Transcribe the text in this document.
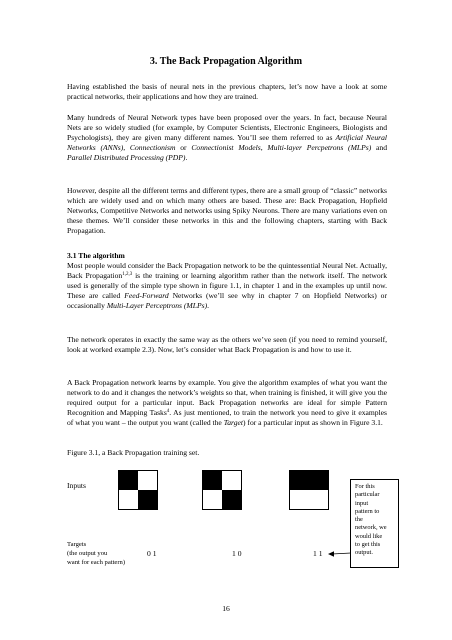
3. The Back Propagation Algorithm

Having established the basis of neural nets in the previous chapters, let’s now have a look at some practical networks, their applications and how they are trained.

Many hundreds of Neural Network types have been proposed over the years. In fact, because Neural Nets are so widely studied (for example, by Computer Scientists, Electronic Engineers, Biologists and Psychologists), they are given many different names. You’ll see them referred to as Artificial Neural Networks (ANNs), Connectionism or Connectionist Models, Multi-layer Percpetrons (MLPs) and Parallel Distributed Processing (PDP).

However, despite all the different terms and different types, there are a small group of “classic” networks which are widely used and on which many others are based. These are: Back Propagation, Hopfield Networks, Competitive Networks and networks using Spiky Neurons. There are many variations even on these themes. We’ll consider these networks in this and the following chapters, starting with Back Propagation.

3.1 The algorithm

Most people would consider the Back Propagation network to be the quintessential Neural Net. Actually, Back Propagation$^{1,2,3}$ is the training or learning algorithm rather than the network itself. The network used is generally of the simple type shown in figure 1.1, in chapter 1 and in the examples up until now. These are called Feed-Forward Networks (we’ll see why in chapter 7 on Hopfield Networks) or occasionally Multi-Layer Perceptrons (MLPs).

The network operates in exactly the same way as the others we’ve seen (if you need to remind yourself, look at worked example 2.3). Now, let’s consider what Back Propagation is and how to use it.

A Back Propagation network learns by example. You give the algorithm examples of what you want the network to do and it changes the network’s weights so that, when training is finished, it will give you the required output for a particular input. Back Propagation networks are ideal for simple Pattern Recognition and Mapping Tasks$^4$. As just mentioned, to train the network you need to give it examples of what you want – the output you want (called the Target) for a particular input as shown in Figure 3.1.

Figure 3.1, a Back Propagation training set.
Inputs
Targets
(the output you
want for each pattern)
0 1	1 0	1 1
For this
particular
input
pattern to
the
network, we
would like
to get this
output.
16
